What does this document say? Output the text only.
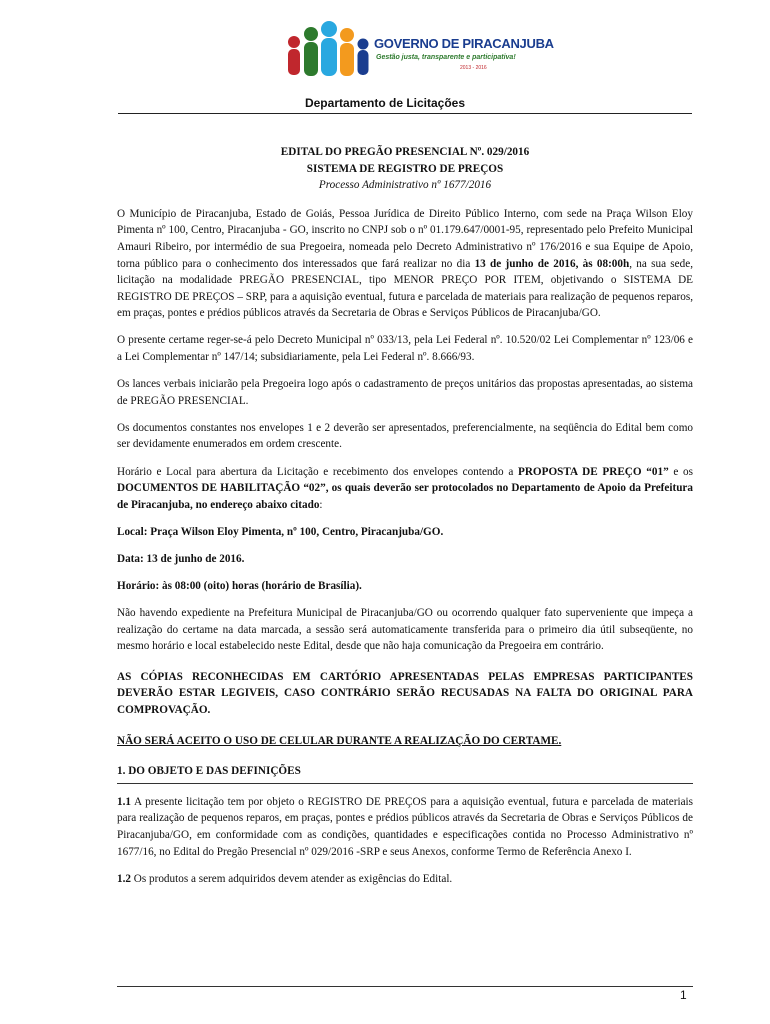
GOVERNO DE PIRACANJUBA
Gestão justa, transparente e participativa!
2013 - 2016
Departamento de Licitações
EDITAL DO PREGÃO PRESENCIAL Nº. 029/2016
SISTEMA DE REGISTRO DE PREÇOS
Processo Administrativo nº 1677/2016

O Município de Piracanjuba, Estado de Goiás, Pessoa Jurídica de Direito Público Interno, com sede na Praça Wilson Eloy Pimenta nº 100, Centro, Piracanjuba - GO, inscrito no CNPJ sob o nº 01.179.647/0001-95, representado pelo Prefeito Municipal Amauri Ribeiro, por intermédio de sua Pregoeira, nomeada pelo Decreto Administrativo nº 176/2016 e sua Equipe de Apoio, torna público para o conhecimento dos interessados que fará realizar no dia 13 de junho de 2016, às 08:00h, na sua sede, licitação na modalidade PREGÃO PRESENCIAL, tipo MENOR PREÇO POR ITEM, objetivando o SISTEMA DE REGISTRO DE PREÇOS – SRP, para a aquisição eventual, futura e parcelada de materiais para realização de pequenos reparos, em praças, pontes e prédios públicos através da Secretaria de Obras e Serviços Públicos de Piracanjuba/GO.

O presente certame reger-se-á pelo Decreto Municipal nº 033/13, pela Lei Federal nº. 10.520/02 Lei Complementar nº 123/06 e a Lei Complementar nº 147/14; subsidiariamente, pela Lei Federal nº. 8.666/93.

Os lances verbais iniciarão pela Pregoeira logo após o cadastramento de preços unitários das propostas apresentadas, ao sistema de PREGÃO PRESENCIAL.

Os documentos constantes nos envelopes 1 e 2 deverão ser apresentados, preferencialmente, na seqüência do Edital bem como ser devidamente enumerados em ordem crescente.

Horário e Local para abertura da Licitação e recebimento dos envelopes contendo a PROPOSTA DE PREÇO “01” e os DOCUMENTOS DE HABILITAÇÃO “02”, os quais deverão ser protocolados no Departamento de Apoio da Prefeitura de Piracanjuba, no endereço abaixo citado:

Local: Praça Wilson Eloy Pimenta, nº 100, Centro, Piracanjuba/GO.

Data: 13 de junho de 2016.

Horário: às 08:00 (oito) horas (horário de Brasília).

Não havendo expediente na Prefeitura Municipal de Piracanjuba/GO ou ocorrendo qualquer fato superveniente que impeça a realização do certame na data marcada, a sessão será automaticamente transferida para o primeiro dia útil subseqüente, no mesmo horário e local estabelecido neste Edital, desde que não haja comunicação da Pregoeira em contrário.

AS CÓPIAS RECONHECIDAS EM CARTÓRIO APRESENTADAS PELAS EMPRESAS PARTICIPANTES DEVERÃO ESTAR LEGIVEIS, CASO CONTRÁRIO SERÃO RECUSADAS NA FALTA DO ORIGINAL PARA COMPROVAÇÃO.

NÃO SERÁ ACEITO O USO DE CELULAR DURANTE A REALIZAÇÃO DO CERTAME.

1. DO OBJETO E DAS DEFINIÇÕES

1.1 A presente licitação tem por objeto o REGISTRO DE PREÇOS para a aquisição eventual, futura e parcelada de materiais para realização de pequenos reparos, em praças, pontes e prédios públicos através da Secretaria de Obras e Serviços Públicos de Piracanjuba/GO, em conformidade com as condições, quantidades e especificações contida no Processo Administrativo nº 1677/16, no Edital do Pregão Presencial nº 029/2016 -SRP e seus Anexos, conforme Termo de Referência Anexo I.

1.2 Os produtos a serem adquiridos devem atender as exigências do Edital.

1
